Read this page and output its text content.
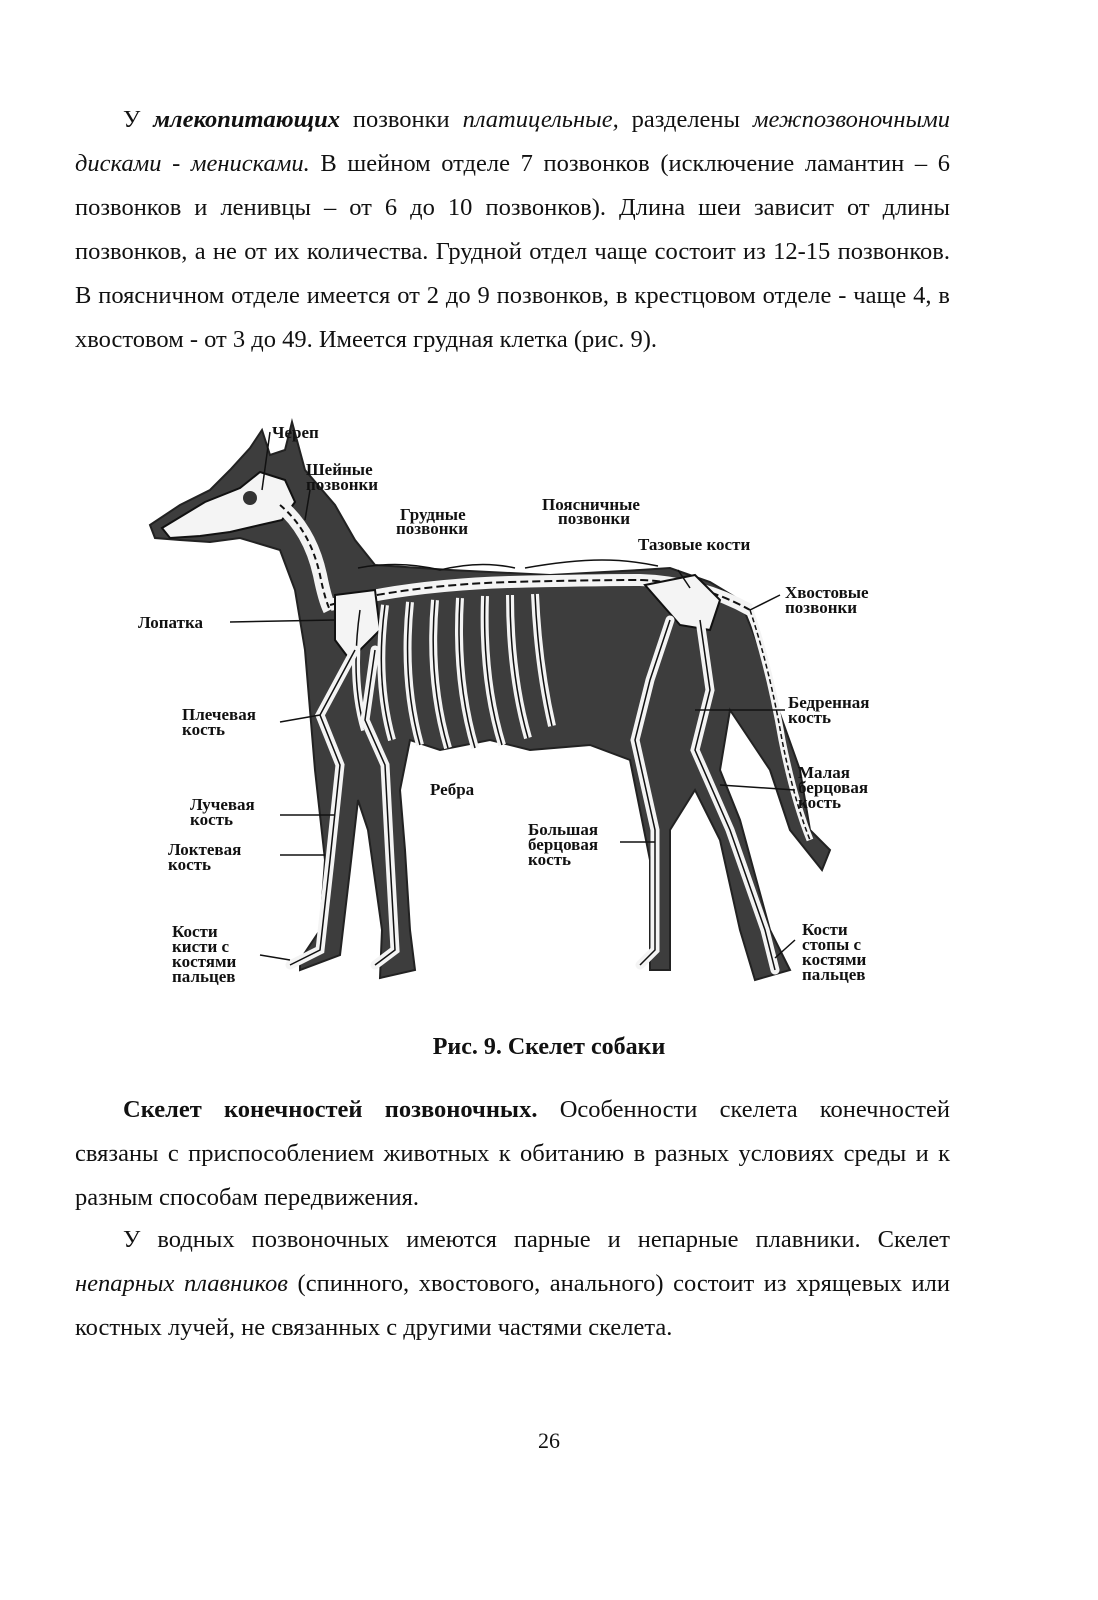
У млекопитающих позвонки платицельные, разделены межпозвоночными дисками - менисками. В шейном отделе 7 позвонков (исключение ламантин – 6 позвонков и ленивцы – от 6 до 10 позвонков). Длина шеи зависит от длины позвонков, а не от их количества. Грудной отдел чаще состоит из 12-15 позвонков. В поясничном отделе имеется от 2 до 9 позвонков, в крестцовом отделе - чаще 4, в хвостовом - от 3 до 49. Имеется грудная клетка (рис. 9).

Череп
Шейные
позвонки
Грудные
позвонки
Поясничные
позвонки
Тазовые кости
Хвостовые
позвонки
Лопатка
Плечевая
кость
Бедренная
кость
Лучевая
кость
Ребра
Малая
берцовая
кость
Большая
берцовая
кость
Локтевая
кость
Кости
кисти с
костями
пальцев
Кости
стопы с
костями
пальцев
Рис. 9. Скелет собаки

Скелет конечностей позвоночных. Особенности скелета конечностей связаны с приспособлением животных к обитанию в разных условиях среды и к разным способам передвижения.

У водных позвоночных имеются парные и непарные плавники. Скелет непарных плавников (спинного, хвостового, анального) состоит из хрящевых или костных лучей, не связанных с другими частями скелета.

26
